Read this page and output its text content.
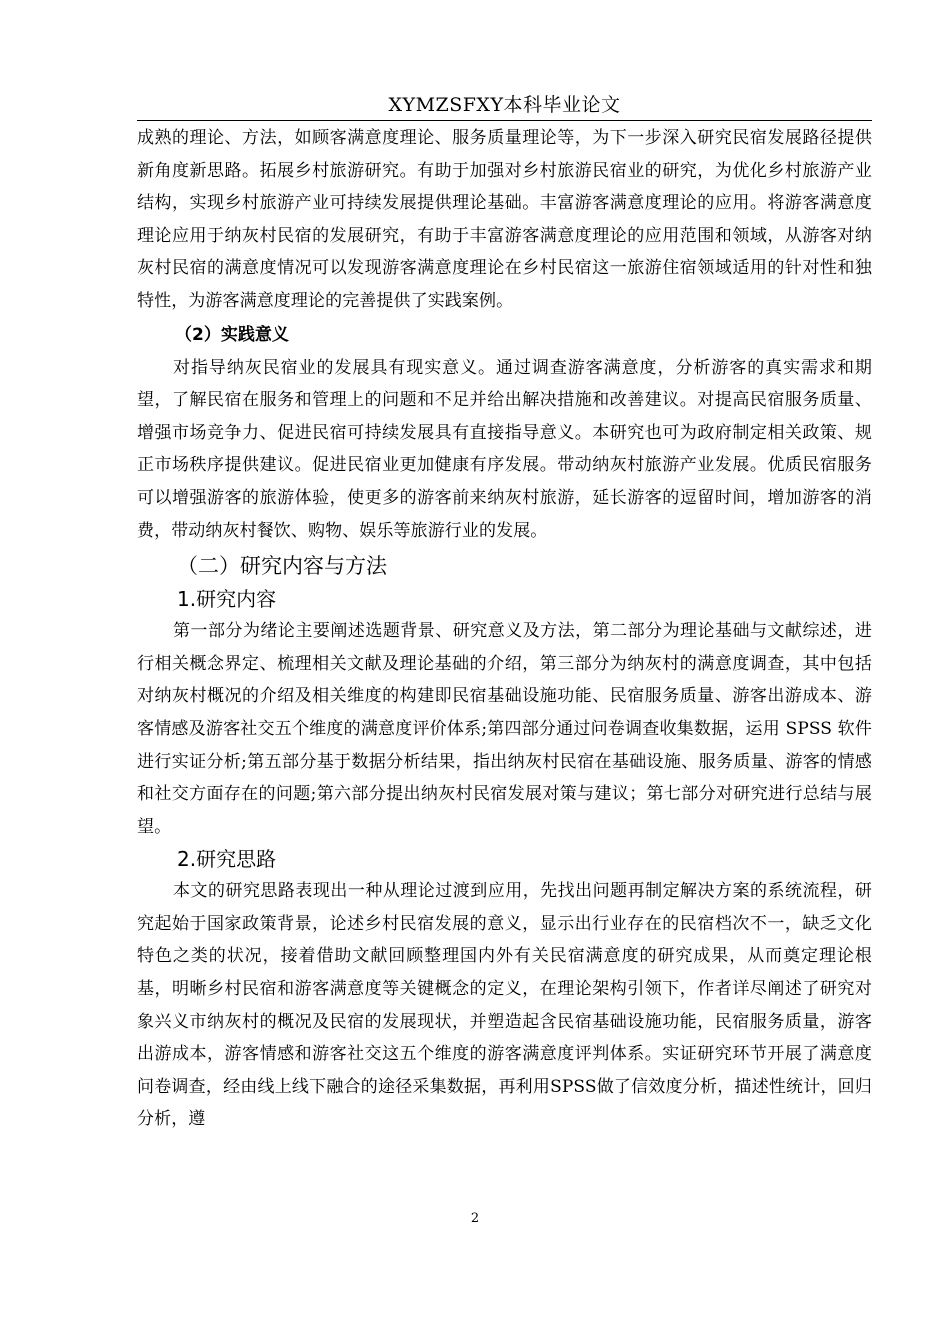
XYMZSFXY本科毕业论文

成熟的理论、方法，如顾客满意度理论、服务质量理论等，为下一步深入研究民宿发展路径提供新角度新思路。拓展乡村旅游研究。有助于加强对乡村旅游民宿业的研究，为优化乡村旅游产业结构，实现乡村旅游产业可持续发展提供理论基础。丰富游客满意度理论的应用。将游客满意度理论应用于纳灰村民宿的发展研究，有助于丰富游客满意度理论的应用范围和领域，从游客对纳灰村民宿的满意度情况可以发现游客满意度理论在乡村民宿这一旅游住宿领域适用的针对性和独特性，为游客满意度理论的完善提供了实践案例。

（2）实践意义

对指导纳灰民宿业的发展具有现实意义。通过调查游客满意度，分析游客的真实需求和期望，了解民宿在服务和管理上的问题和不足并给出解决措施和改善建议。对提高民宿服务质量、增强市场竞争力、促进民宿可持续发展具有直接指导意义。本研究也可为政府制定相关政策、规正市场秩序提供建议。促进民宿业更加健康有序发展。带动纳灰村旅游产业发展。优质民宿服务可以增强游客的旅游体验，使更多的游客前来纳灰村旅游，延长游客的逗留时间，增加游客的消费，带动纳灰村餐饮、购物、娱乐等旅游行业的发展。

（二）研究内容与方法
1.研究内容

第一部分为绪论主要阐述选题背景、研究意义及方法，第二部分为理论基础与文献综述，进行相关概念界定、梳理相关文献及理论基础的介绍，第三部分为纳灰村的满意度调查，其中包括对纳灰村概况的介绍及相关维度的构建即民宿基础设施功能、民宿服务质量、游客出游成本、游客情感及游客社交五个维度的满意度评价体系;第四部分通过问卷调查收集数据，运用 SPSS 软件进行实证分析;第五部分基于数据分析结果，指出纳灰村民宿在基础设施、服务质量、游客的情感和社交方面存在的问题;第六部分提出纳灰村民宿发展对策与建议；第七部分对研究进行总结与展望。

2.研究思路

本文的研究思路表现出一种从理论过渡到应用，先找出问题再制定解决方案的系统流程，研究起始于国家政策背景，论述乡村民宿发展的意义，显示出行业存在的民宿档次不一，缺乏文化特色之类的状况，接着借助文献回顾整理国内外有关民宿满意度的研究成果，从而奠定理论根基，明晰乡村民宿和游客满意度等关键概念的定义，在理论架构引领下，作者详尽阐述了研究对象兴义市纳灰村的概况及民宿的发展现状，并塑造起含民宿基础设施功能，民宿服务质量，游客出游成本，游客情感和游客社交这五个维度的游客满意度评判体系。实证研究环节开展了满意度问卷调查，经由线上线下融合的途径采集数据，再利用SPSS做了信效度分析，描述性统计，回归分析，遵

2
